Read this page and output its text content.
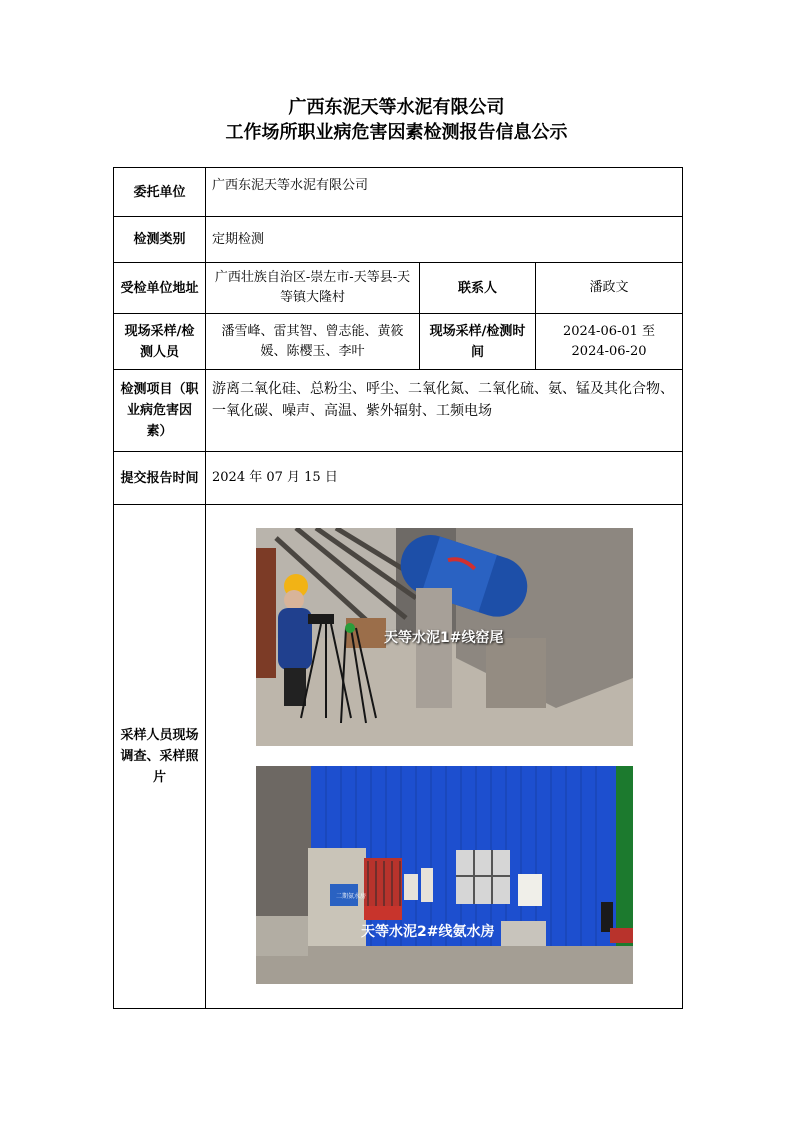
广西东泥天等水泥有限公司
工作场所职业病危害因素检测报告信息公示
委托单位	广西东泥天等水泥有限公司		
检测类别	定期检测		
受检单位地址	广西壮族自治区-崇左市-天等县-天等镇大隆村	联系人	潘政文
现场采样/检测人员	潘雪峰、雷其智、曾志能、黄筱媛、陈樱玉、李叶	现场采样/检测时间	2024-06-01 至
2024-06-20

检测项目（职业病危害因素）	游离二氧化硅、总粉尘、呼尘、二氧化氮、二氧化硫、氨、锰及其化合物、一氧化碳、噪声、高温、紫外辐射、工频电场		
提交报告时间	2024 年 07 月 15 日		
采样人员现场调查、采样照片	天等水泥1#线窑尾
二期氨水房
天等水泥2#线氨水房		
